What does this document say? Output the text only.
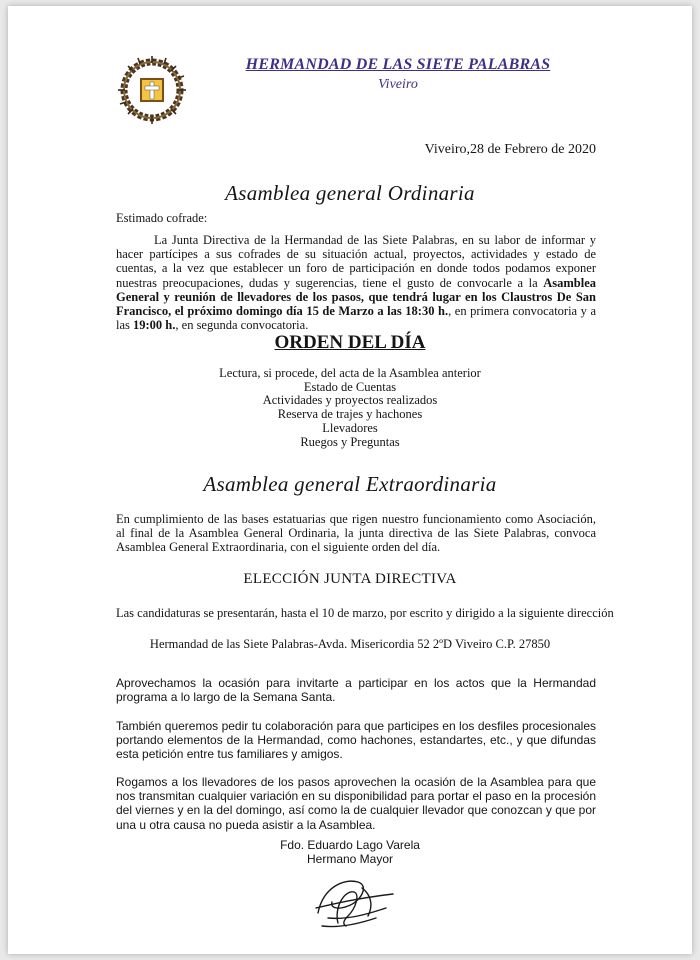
HERMANDAD DE LAS SIETE PALABRAS
Viveiro
Viveiro,28 de Febrero de 2020
Asamblea general Ordinaria
Estimado cofrade:

La Junta Directiva de la Hermandad de las Siete Palabras, en su labor de informar y hacer partícipes a sus cofrades de su situación actual, proyectos, actividades y estado de cuentas, a la vez que establecer un foro de participación en donde todos podamos exponer nuestras preocupaciones, dudas y sugerencias, tiene el gusto de convocarle a la Asamblea General y reunión de llevadores de los pasos, que tendrá lugar en los Claustros De San Francisco, el próximo domingo día 15 de Marzo a las 18:30 h., en primera convocatoria y a las 19:00 h., en segunda convocatoria.

ORDEN DEL DÍA
Lectura, si procede, del acta de la Asamblea anterior
Estado de Cuentas
Actividades y proyectos realizados
Reserva de trajes y hachones
Llevadores
Ruegos y Preguntas
Asamblea general Extraordinaria

En cumplimiento de las bases estatuarias que rigen nuestro funcionamiento como Asociación, al final de la Asamblea General Ordinaria, la junta directiva de las Siete Palabras, convoca Asamblea General Extraordinaria, con el siguiente orden del día.

ELECCIÓN JUNTA DIRECTIVA
Las candidaturas se presentarán, hasta el 10 de marzo, por escrito y dirigido a la siguiente dirección
Hermandad de las Siete Palabras-Avda. Misericordia 52 2ºD Viveiro C.P. 27850

Aprovechamos la ocasión para invitarte a participar en los actos que la Hermandad programa a lo largo de la Semana Santa.

También queremos pedir tu colaboración para que participes en los desfiles procesionales portando elementos de la Hermandad, como hachones, estandartes, etc., y que difundas esta petición entre tus familiares y amigos.

Rogamos a los llevadores de los pasos aprovechen la ocasión de la Asamblea para que nos transmitan cualquier variación en su disponibilidad para portar el paso en la procesión del viernes y en la del domingo, así como la de cualquier llevador que conozcan y que por una u otra causa no pueda asistir a la Asamblea.

Fdo. Eduardo Lago Varela
Hermano Mayor
